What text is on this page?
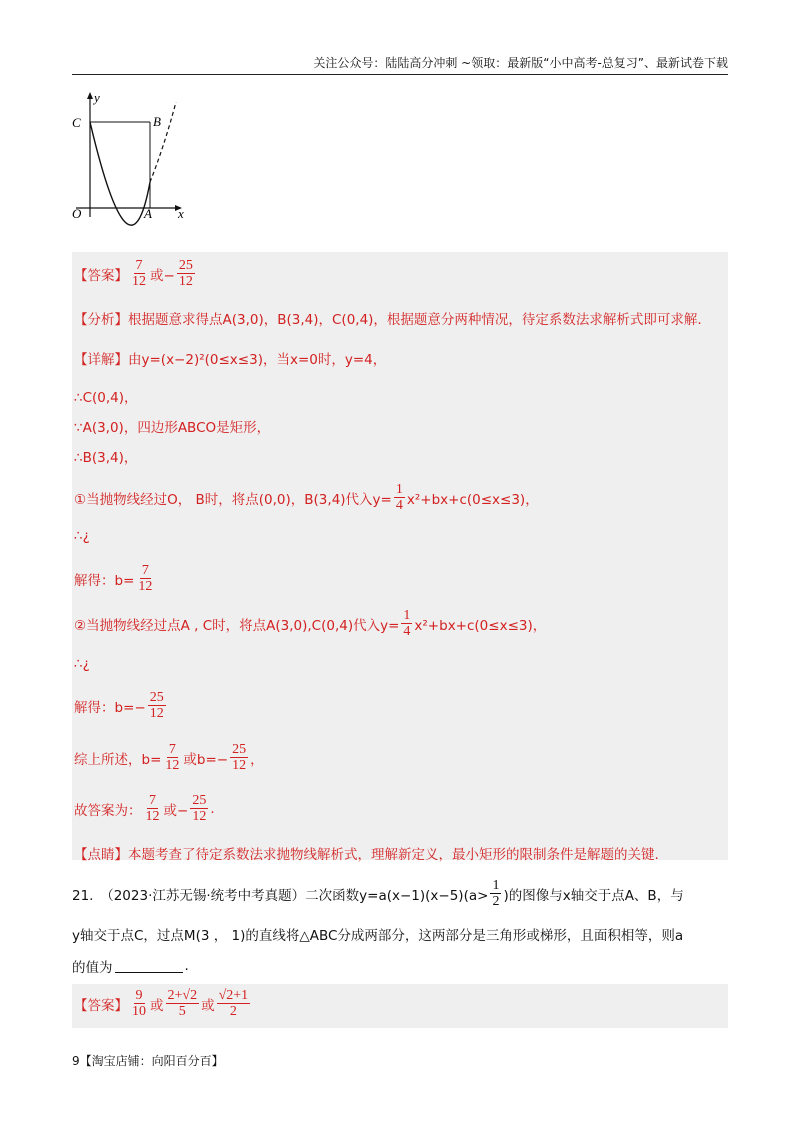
关注公众号：陆陆高分冲刺 ~领取：最新版“小中高考-总复习”、最新试卷下载
y
C	B
O	A x
【答案】 $\frac{7}{12}$ 或− $\frac{25}{12}$
【分析】 根据题意求得点A(3,0)，B(3,4)，C(0,4)，根据题意分两种情况，待定系数法求解析式即可求解.
【详解】 由y=(x−2)²(0≤x≤3)，当x=0时，y=4，
∴C(0,4)，
∵A(3,0)，四边形ABCO是矩形，
∴B(3,4)，
①当抛物线经过O， B时，将点(0,0)，B(3,4)代入$y= \frac{1}{4} x^2+bx+c(0\le x\le 3)$，
∴¿
解得：$b= \frac{7}{12}$
②当抛物线经过点A , C时，将点A(3,0),C(0,4)代入$y= \frac{1}{4} x^2+bx+c(0\le x\le 3)$，
∴¿
解得：$b=- \frac{25}{12}$
综上所述，$b= \frac{7}{12}$ 或$b=- \frac{25}{12}$ ，
故答案为： $\frac{7}{12}$ 或− $\frac{25}{12}$ .
【点睛】 本题考查了待定系数法求抛物线解析式，理解新定义，最小矩形的限制条件是解题的关键.
21.　（2023·江苏无锡·统考中考真题）二次函数$y=a(x-1)(x-5)(a> \frac{1}{2}$ )的图像与x轴交于点A、B，与
y轴交于点C，过点M(3 ， 1)的直线将△ABC分成两部分，这两部分是三角形或梯形，且面积相等，则a
的值为	.
【答案】 $\frac{9}{10}$ 或 $\frac{2+√2}{5}$ 或 $\frac{√2+1}{2}$
9【淘宝店铺：向阳百分百】
